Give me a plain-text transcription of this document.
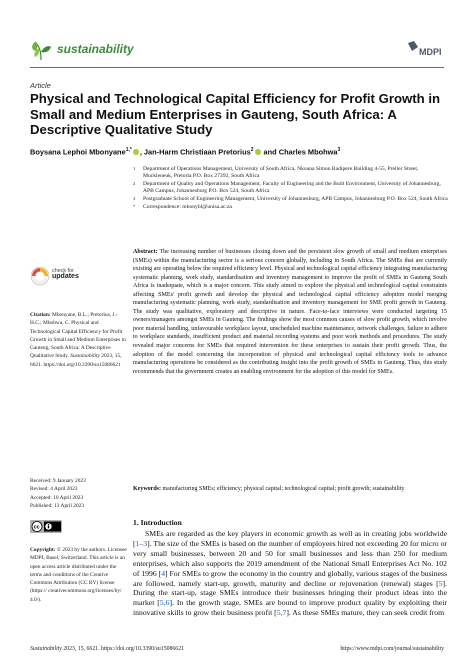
sustainability	MDPI
Article
Physical and Technological Capital Efficiency for Profit Growth in Small and Medium Enterprises in Gauteng, South Africa: A Descriptive Qualitative Study
Boysana Lephoi Mbonyane$^{1,*}$ , Jan-Harm Christiaan Pretorius$^2$ and Charles Mbohwa$^3$
1 Department of Operations Management, University of South Africa, Nkoana Simon Radipere Building 4-55, Preller Street, Muckleneuk, Pretoria P.O. Box 27392, South Africa
2 Department of Quality and Operations Management, Faculty of Engineering and the Built Environment, University of Johannesburg, APB Campus, Johannesburg P.O. Box 524, South Africa
3 Postgraduate School of Engineering Management, University of Johannesburg, APB Campus, Johannesburg P.O. Box 524, South Africa
* Correspondence: mbonybl@unisa.ac.za
check for
updates
Citation: Mbonyane, B.L.; Pretorius, J.-H.C.; Mbohwa, C. Physical and Technological Capital Efficiency for Profit Growth in Small and Medium Enterprises in Gauteng, South Africa: A Descriptive Qualitative Study. Sustainability 2023, 15, 6621. https://doi.org/10.3390/su15086621
Received: 9 January 2023
Revised: 4 April 2023
Accepted: 10 April 2023
Published: 13 April 2023
cc
Copyright: © 2023 by the authors. Licensee MDPI, Basel, Switzerland. This article is an open access article distributed under the terms and conditions of the Creative Commons Attribution (CC BY) license (https:// creativecommons.org/licenses/by/ 4.0/).
Abstract: The increasing number of businesses closing down and the persistent slow growth of small and medium enterprises (SMEs) within the manufacturing sector is a serious concern globally, including in South Africa. The SMEs that are currently existing are operating below the required efficiency level. Physical and technological capital efficiency integrating manufacturing systematic planning, work study, standardisation and inventory management to improve the profit of SMEs in Gauteng South Africa is inadequate, which is a major concern. This study aimed to explore the physical and technological capital constraints affecting SMEs' profit growth and develop the physical and technological capital efficiency adoption model merging manufacturing systematic planning, work study, standardisation and inventory management for SME profit growth in Gauteng. The study was qualitative, exploratory and descriptive in nature. Face-to-face interviews were conducted targeting 15 owners/managers amongst SMEs in Gauteng. The findings show the most common causes of slow profit growth, which involve poor material handling, unfavourable workplace layout, unscheduled machine maintenance, network challenges, failure to adhere to workplace standards, insufficient product and material recording systems and poor work methods and procedures. The study revealed major concerns for SMEs that required intervention for these enterprises to sustain their profit growth. Thus, the adoption of the model concerning the incorporation of physical and technological capital efficiency tools to advance manufacturing operations be considered as the contributing insight into the profit growth of SMEs in Gauteng. Thus, this study recommends that the government creates an enabling environment for the adoption of this model for SMEs.
Keywords: manufacturing SMEs; efficiency; physical capital; technological capital; profit growth; sustainability
1. Introduction

SMEs are regarded as the key players in economic growth as well as in creating jobs worldwide [1–3]. The size of the SMEs is based on the number of employees hired not exceeding 20 for micro or very small businesses, between 20 and 50 for small businesses and less than 250 for medium enterprises, which also supports the 2019 amendment of the National Small Enterprises Act No. 102 of 1996 [4] For SMEs to grow the economy in the country and globally, various stages of the business are followed, namely start-up, growth, maturity and decline or rejuvenation (renewal) stages [5]. During the start-up, stage SMEs introduce their businesses bringing their product ideas into the market [5,6]. In the growth stage, SMEs are bound to improve product quality by exploiting their innovative skills to grow their business profit [5,7]. As these SMEs mature, they can seek credit from

Sustainability 2023, 15, 6621. https://doi.org/10.3390/su15086621	https://www.mdpi.com/journal/sustainability
